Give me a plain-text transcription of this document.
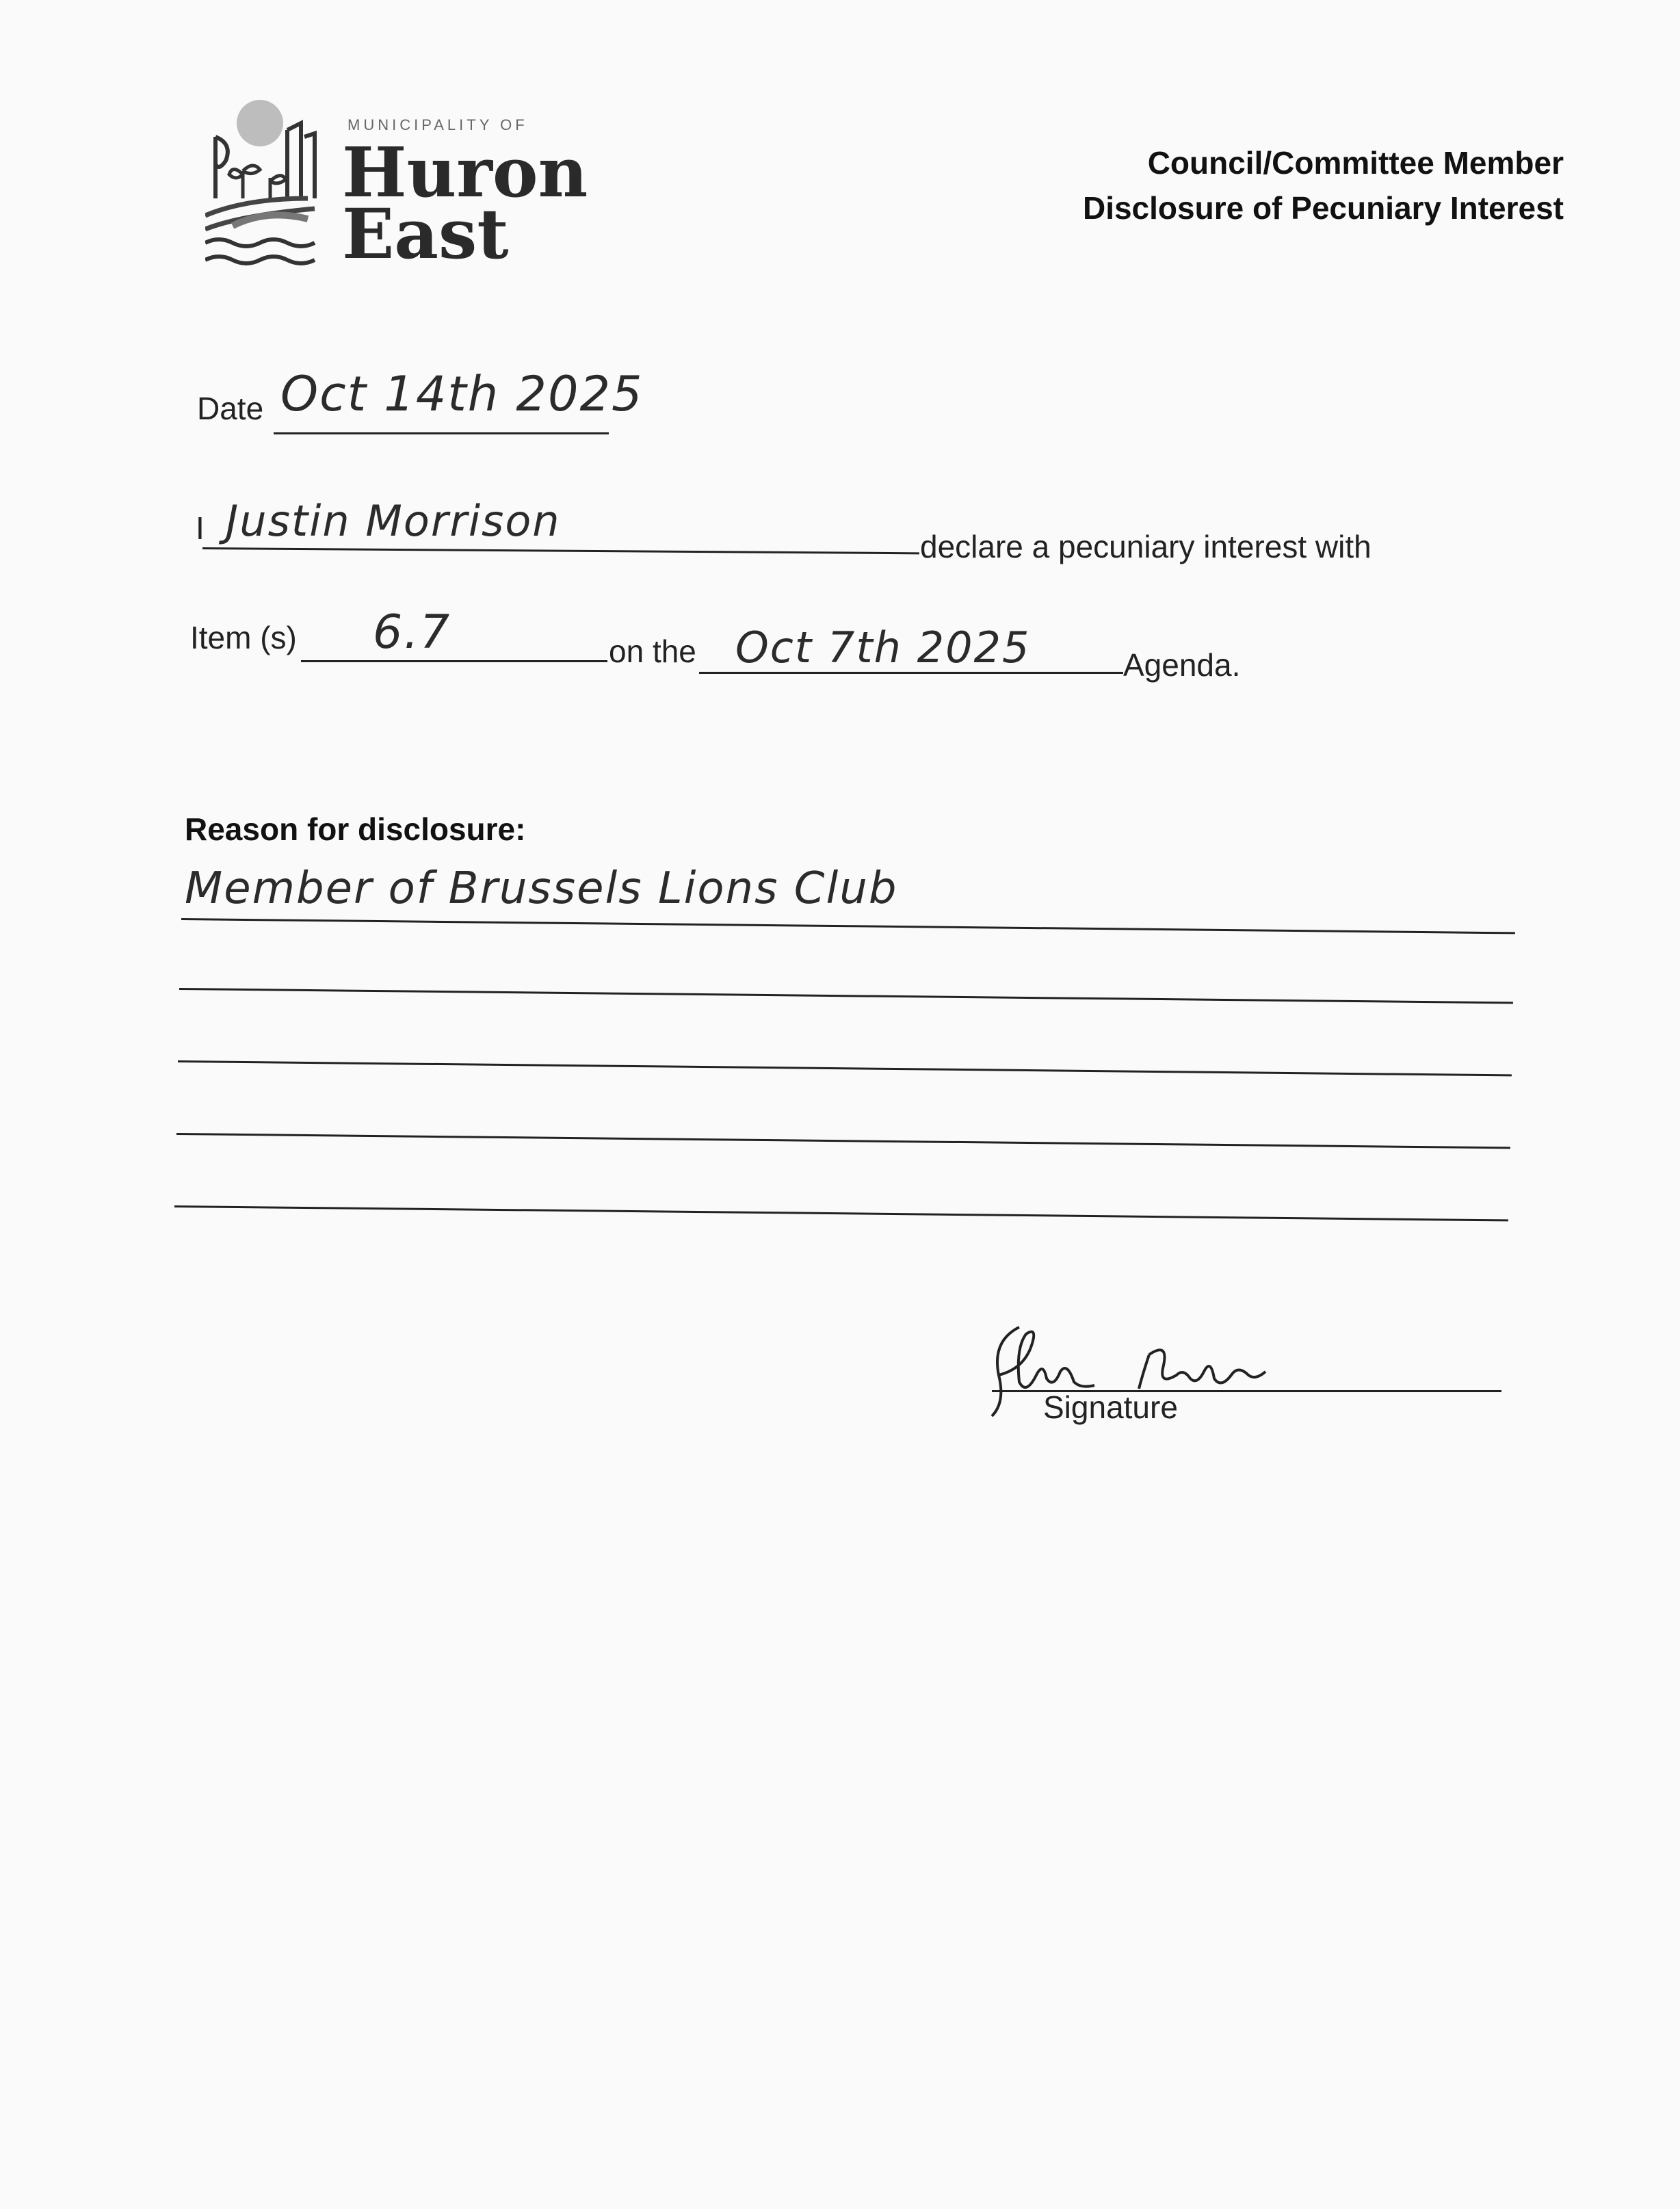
MUNICIPALITY OF
Huron
East
Council/Committee Member
Disclosure of Pecuniary Interest
Date Oct 14th 2025
I Justin Morrison
declare a pecuniary interest with
Item (s) 6.7	on the Oct 7th 2025	Agenda.
Reason for disclosure:
Member of Brussels Lions Club
Signature
